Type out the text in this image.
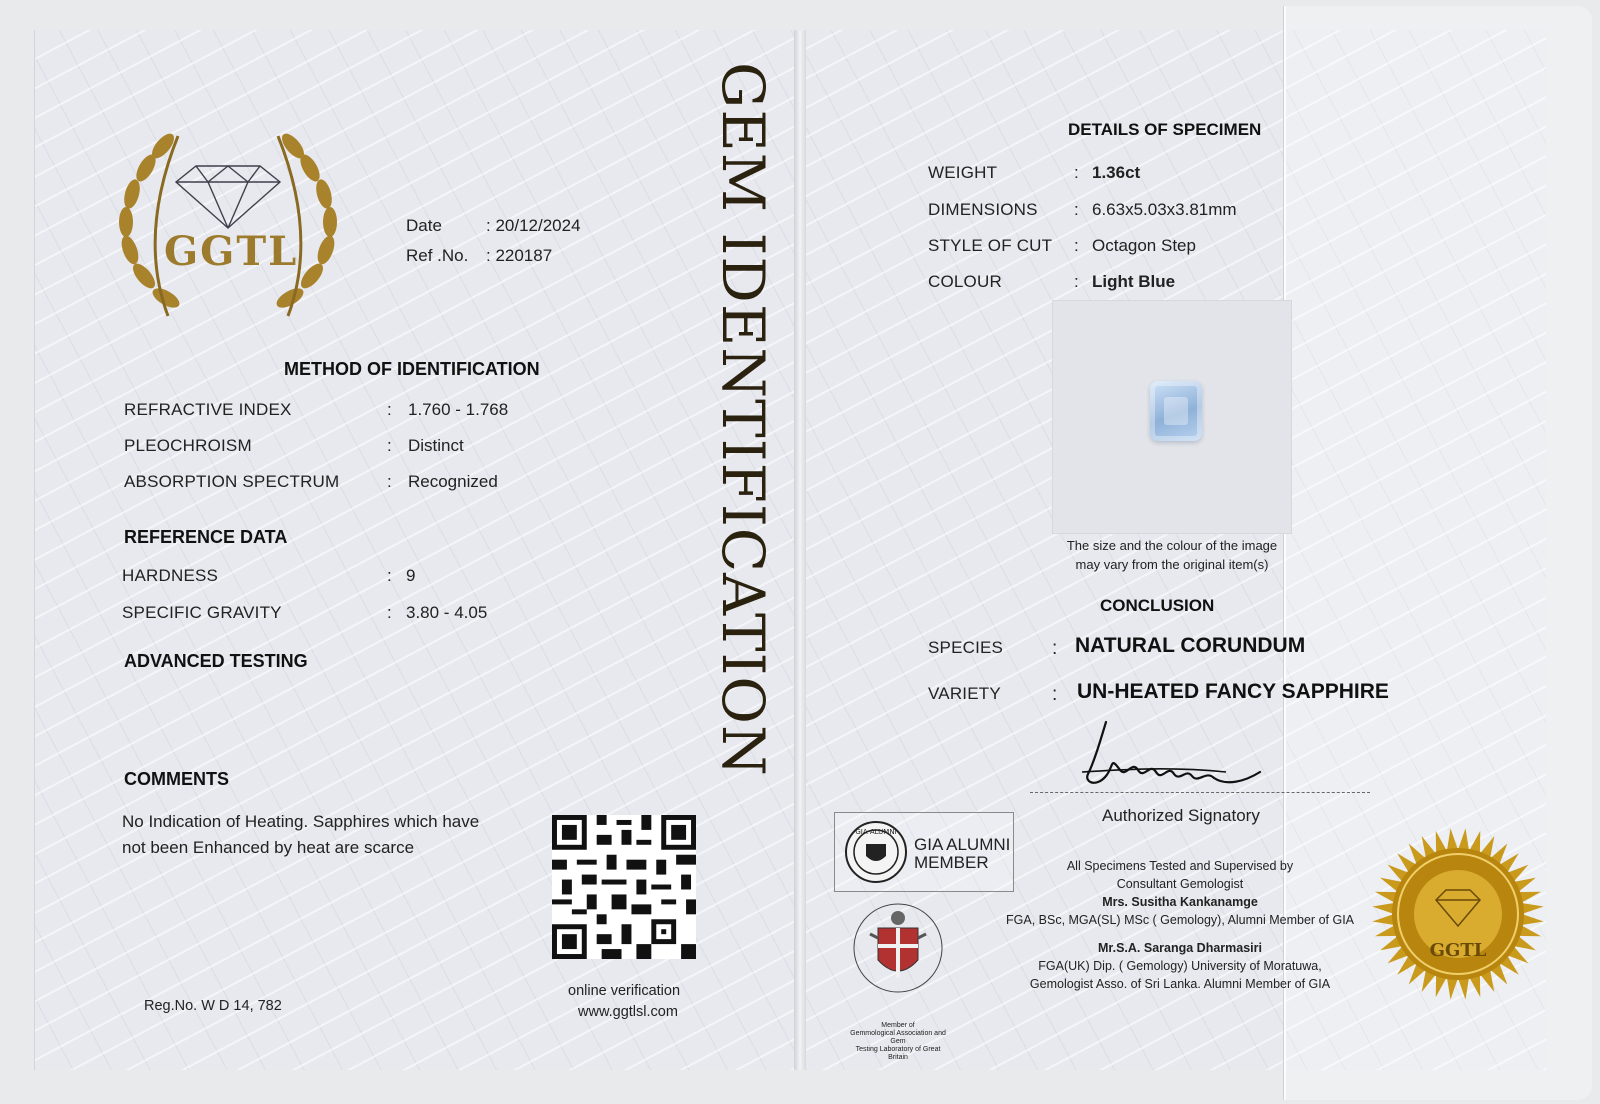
GGTL
Date	: 20/12/2024
Ref .No. : 220187
METHOD OF IDENTIFICATION
REFRACTIVE INDEX	: 1.760 - 1.768
PLEOCHROISM	: Distinct
ABSORPTION SPECTRUM	: Recognized
REFERENCE DATA
HARDNESS	: 9
SPECIFIC GRAVITY	: 3.80 - 4.05
ADVANCED TESTING
COMMENTS
No Indication of Heating. Sapphires which have
not been Enhanced by heat are scarce
Reg.No. W D 14, 782
online verification
www.ggtlsl.com
GEM IDENTIFICATION	DETAILS OF SPECIMEN
WEIGHT	: 1.36ct
DIMENSIONS : 6.63x5.03x3.81mm
STYLE OF CUT : Octagon Step
COLOUR	: Light Blue
The size and the colour of the image
may vary from the original item(s)
CONCLUSION
SPECIES	: NATURAL CORUNDUM
VARIETY	: UN-HEATED FANCY SAPPHIRE
Authorized Signatory
GIA ALUMNI
GIA ALUMNI
MEMBER
Member of
Gemmological Association and Gem
Testing Laboratory of Great Britain
All Specimens Tested and Supervised by
Consultant Gemologist
Mrs. Susitha Kankanamge
FGA, BSc, MGA(SL) MSc ( Gemology), Alumni Member of GIA
Mr.S.A. Saranga Dharmasiri
FGA(UK) Dip. ( Gemology) University of Moratuwa,
Gemologist Asso. of Sri Lanka. Alumni Member of GIA
GGTL
